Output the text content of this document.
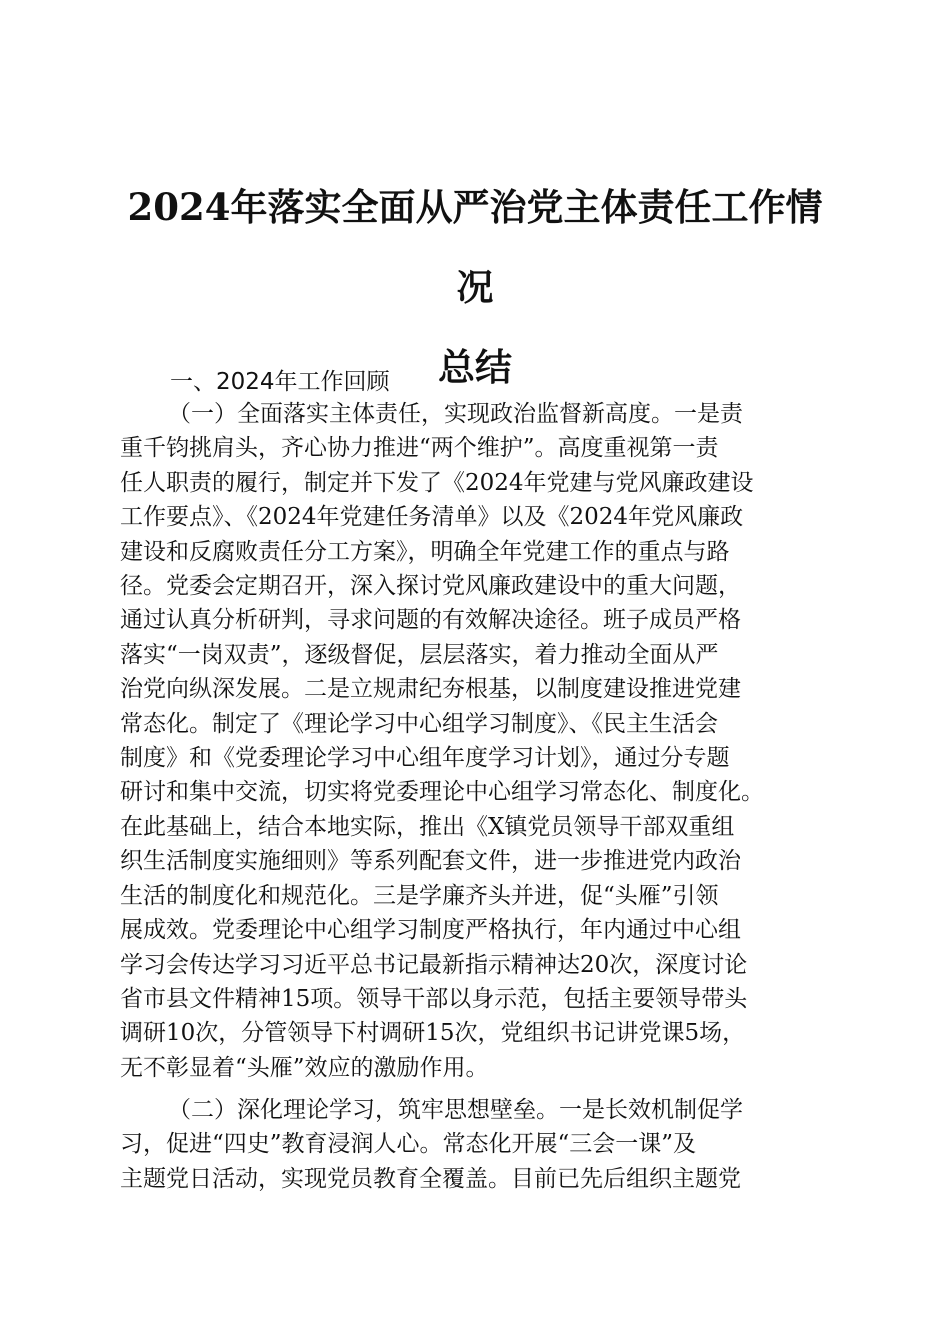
2024年落实全面从严治党主体责任工作情况
总结

一、2024年工作回顾

（一）全面落实主体责任，实现政治监督新高度。一是责
重千钧挑肩头，齐心协力推进“两个维护”。高度重视第一责
任人职责的履行，制定并下发了《2024年党建与党风廉政建设
工作要点》、《2024年党建任务清单》以及《2024年党风廉政
建设和反腐败责任分工方案》，明确全年党建工作的重点与路
径。党委会定期召开，深入探讨党风廉政建设中的重大问题，
通过认真分析研判，寻求问题的有效解决途径。班子成员严格
落实“一岗双责”，逐级督促，层层落实，着力推动全面从严
治党向纵深发展。二是立规肃纪夯根基，以制度建设推进党建
常态化。制定了《理论学习中心组学习制度》、《民主生活会
制度》和《党委理论学习中心组年度学习计划》，通过分专题
研讨和集中交流，切实将党委理论中心组学习常态化、制度化。
在此基础上，结合本地实际，推出《X镇党员领导干部双重组
织生活制度实施细则》等系列配套文件，进一步推进党内政治
生活的制度化和规范化。三是学廉齐头并进，促“头雁”引领
展成效。党委理论中心组学习制度严格执行，年内通过中心组
学习会传达学习习近平总书记最新指示精神达20次，深度讨论
省市县文件精神15项。领导干部以身示范，包括主要领导带头
调研10次，分管领导下村调研15次，党组织书记讲党课5场，
无不彰显着“头雁”效应的激励作用。
（二）深化理论学习，筑牢思想壁垒。一是长效机制促学
习，促进“四史”教育浸润人心。常态化开展“三会一课”及
主题党日活动，实现党员教育全覆盖。目前已先后组织主题党
